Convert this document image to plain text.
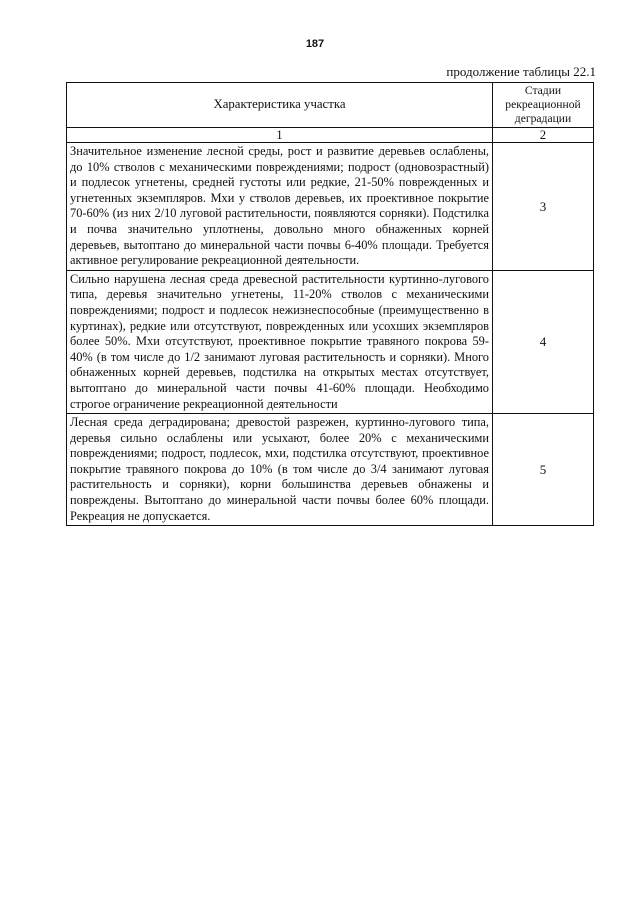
187
продолжение таблицы 22.1
Характеристика участка	Стадии рекреационной деградации
1	2
Значительное изменение лесной среды, рост и развитие деревьев ослаблены, до 10% стволов с механическими повреждениями; подрост (одновозрастный) и подлесок угнетены, средней густоты или редкие, 21-50% поврежденных и угнетенных экземпляров. Мхи у стволов деревьев, их проективное покрытие 70-60% (из них 2/10 луговой растительности, появляются сорняки). Подстилка и почва значительно уплотнены, довольно много обнаженных корней деревьев, вытоптано до минеральной части почвы 6-40% площади. Требуется активное регулирование рекреационной деятельности.	3
Сильно нарушена лесная среда древесной растительности куртинно-лугового типа, деревья значительно угнетены, 11-20% стволов с механическими повреждениями; подрост и подлесок нежизнеспособные (преимущественно в куртинах), редкие или отсутствуют, поврежденных или усохших экземпляров более 50%. Мхи отсутствуют, проективное покрытие травяного покрова 59-40% (в том числе до 1/2 занимают луговая растительность и сорняки). Много обнаженных корней деревьев, подстилка на открытых местах отсутствует, вытоптано до минеральной части почвы 41-60% площади. Необходимо строгое ограничение рекреационной деятельности	4
Лесная среда деградирована; древостой разрежен, куртинно-лугового типа, деревья сильно ослаблены или усыхают, более 20% с механическими повреждениями; подрост, подлесок, мхи, подстилка отсутствуют, проективное покрытие травяного покрова до 10% (в том числе до 3/4 занимают луговая растительность и сорняки), корни большинства деревьев обнажены и повреждены. Вытоптано до минеральной части почвы более 60% площади. Рекреация не допускается.	5
